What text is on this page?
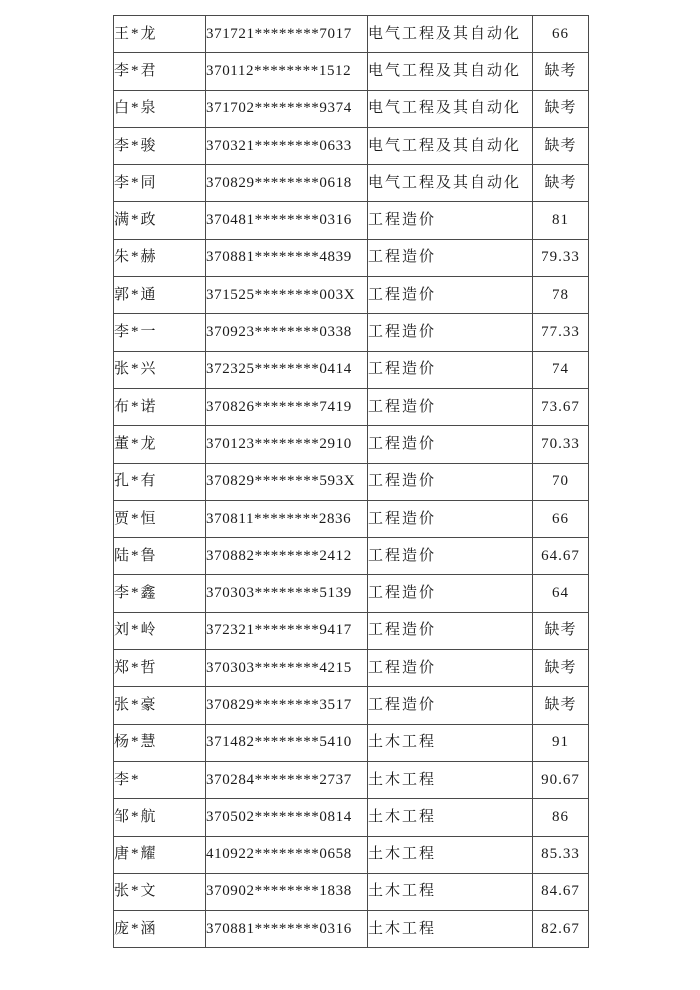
王*龙	371721********7017	电气工程及其自动化	66
李*君	370112********1512	电气工程及其自动化	缺考
白*泉	371702********9374	电气工程及其自动化	缺考
李*骏	370321********0633	电气工程及其自动化	缺考
李*同	370829********0618	电气工程及其自动化	缺考
满*政	370481********0316	工程造价	81
朱*赫	370881********4839	工程造价	79.33
郭*通	371525********003X	工程造价	78
李*一	370923********0338	工程造价	77.33
张*兴	372325********0414	工程造价	74
布*诺	370826********7419	工程造价	73.67
董*龙	370123********2910	工程造价	70.33
孔*有	370829********593X	工程造价	70
贾*恒	370811********2836	工程造价	66
陆*鲁	370882********2412	工程造价	64.67
李*鑫	370303********5139	工程造价	64
刘*岭	372321********9417	工程造价	缺考
郑*哲	370303********4215	工程造价	缺考
张*豪	370829********3517	工程造价	缺考
杨*慧	371482********5410	土木工程	91
李*	370284********2737	土木工程	90.67
邹*航	370502********0814	土木工程	86
唐*耀	410922********0658	土木工程	85.33
张*文	370902********1838	土木工程	84.67
庞*涵	370881********0316	土木工程	82.67
